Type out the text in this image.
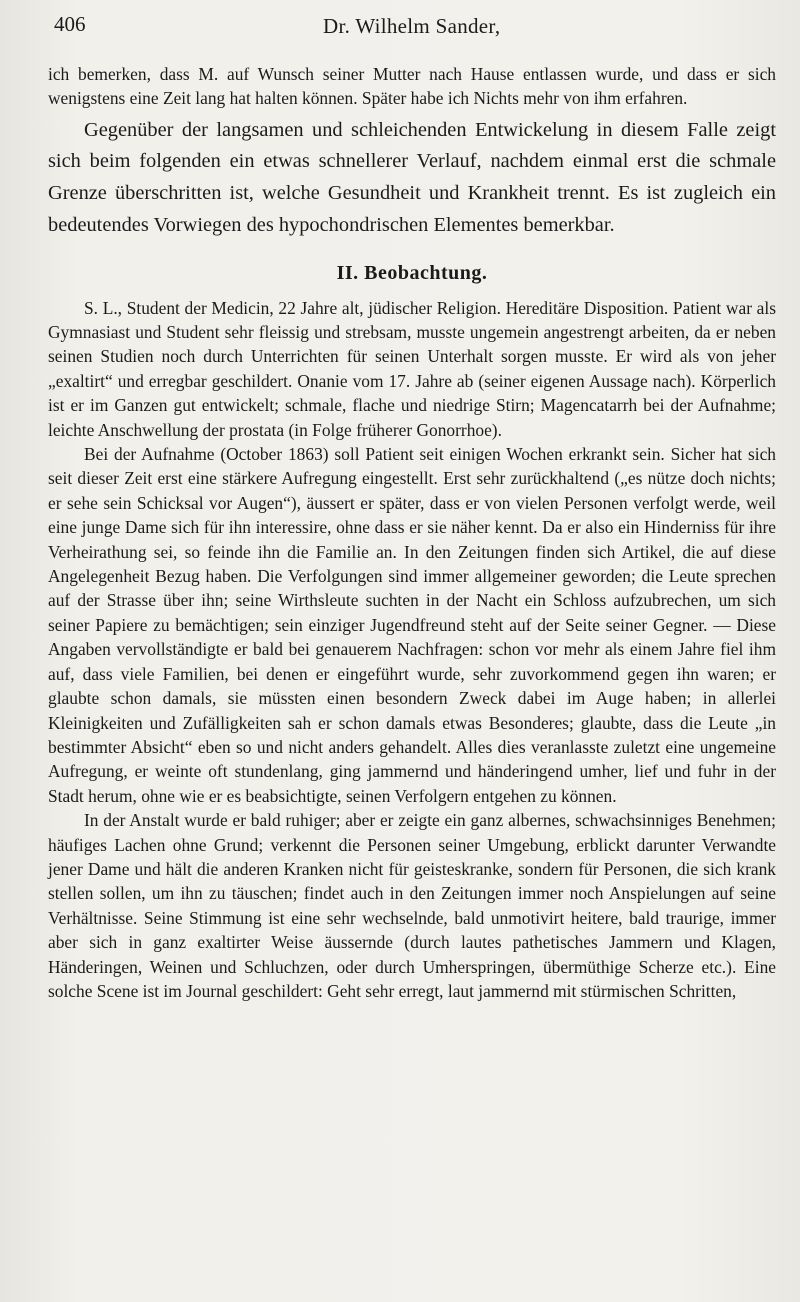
406	Dr. Wilhelm Sander,

ich bemerken, dass M. auf Wunsch seiner Mutter nach Hause entlassen wurde, und dass er sich wenigstens eine Zeit lang hat halten können. Später habe ich Nichts mehr von ihm erfahren.

Gegenüber der langsamen und schleichenden Entwickelung in diesem Falle zeigt sich beim folgenden ein etwas schnellerer Verlauf, nachdem einmal erst die schmale Grenze überschritten ist, welche Gesundheit und Krankheit trennt. Es ist zugleich ein bedeutendes Vorwiegen des hypochondrischen Elementes bemerkbar.

II. Beobachtung.

S. L., Student der Medicin, 22 Jahre alt, jüdischer Religion. Hereditäre Disposition. Patient war als Gymnasiast und Student sehr fleissig und strebsam, musste ungemein angestrengt arbeiten, da er neben seinen Studien noch durch Unterrichten für seinen Unterhalt sorgen musste. Er wird als von jeher „exaltirt“ und erregbar geschildert. Onanie vom 17. Jahre ab (seiner eigenen Aussage nach). Körperlich ist er im Ganzen gut entwickelt; schmale, flache und niedrige Stirn; Magencatarrh bei der Aufnahme; leichte Anschwellung der prostata (in Folge früherer Gonorrhoe).

Bei der Aufnahme (October 1863) soll Patient seit einigen Wochen erkrankt sein. Sicher hat sich seit dieser Zeit erst eine stärkere Aufregung eingestellt. Erst sehr zurückhaltend („es nütze doch nichts; er sehe sein Schicksal vor Augen“), äussert er später, dass er von vielen Personen verfolgt werde, weil eine junge Dame sich für ihn interessire, ohne dass er sie näher kennt. Da er also ein Hinderniss für ihre Verheirathung sei, so feinde ihn die Familie an. In den Zeitungen finden sich Artikel, die auf diese Angelegenheit Bezug haben. Die Verfolgungen sind immer allgemeiner geworden; die Leute sprechen auf der Strasse über ihn; seine Wirthsleute suchten in der Nacht ein Schloss aufzubrechen, um sich seiner Papiere zu bemächtigen; sein einziger Jugendfreund steht auf der Seite seiner Gegner. — Diese Angaben vervollständigte er bald bei genauerem Nachfragen: schon vor mehr als einem Jahre fiel ihm auf, dass viele Familien, bei denen er eingeführt wurde, sehr zuvorkommend gegen ihn waren; er glaubte schon damals, sie müssten einen besondern Zweck dabei im Auge haben; in allerlei Kleinigkeiten und Zufälligkeiten sah er schon damals etwas Besonderes; glaubte, dass die Leute „in bestimmter Absicht“ eben so und nicht anders gehandelt. Alles dies veranlasste zuletzt eine ungemeine Aufregung, er weinte oft stundenlang, ging jammernd und händeringend umher, lief und fuhr in der Stadt herum, ohne wie er es beabsichtigte, seinen Verfolgern entgehen zu können.

In der Anstalt wurde er bald ruhiger; aber er zeigte ein ganz albernes, schwachsinniges Benehmen; häufiges Lachen ohne Grund; verkennt die Personen seiner Umgebung, erblickt darunter Verwandte jener Dame und hält die anderen Kranken nicht für geisteskranke, sondern für Personen, die sich krank stellen sollen, um ihn zu täuschen; findet auch in den Zeitungen immer noch Anspielungen auf seine Verhältnisse. Seine Stimmung ist eine sehr wechselnde, bald unmotivirt heitere, bald traurige, immer aber sich in ganz exaltirter Weise äussernde (durch lautes pathetisches Jammern und Klagen, Händeringen, Weinen und Schluchzen, oder durch Umherspringen, übermüthige Scherze etc.). Eine solche Scene ist im Journal geschildert: Geht sehr erregt, laut jammernd mit stürmischen Schritten,
